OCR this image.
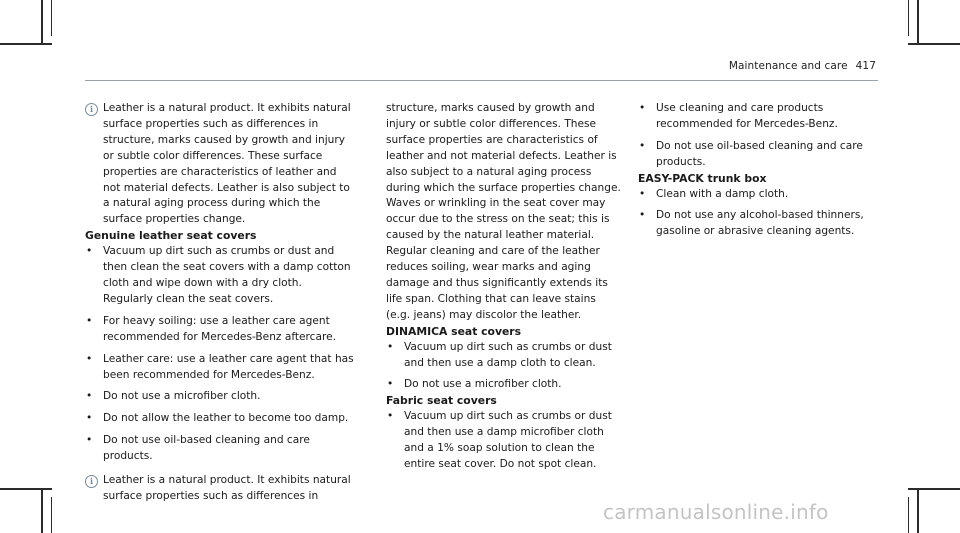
Maintenance and care 417

i Leather is a natural product. It exhibits natural surface properties such as differences in structure, marks caused by growth and injury or subtle color differences. These surface properties are characteristics of leather and not material defects. Leather is also subject to a natural aging process during which the surface properties change.

Genuine leather seat covers

• Vacuum up dirt such as crumbs or dust and then clean the seat covers with a damp cotton cloth and wipe down with a dry cloth. Regularly clean the seat covers.
• For heavy soiling: use a leather care agent recommended for Mercedes-Benz aftercare.
• Leather care: use a leather care agent that has been recommended for Mercedes-Benz.
• Do not use a microfiber cloth.
• Do not allow the leather to become too damp.
• Do not use oil-based cleaning and care products.

i Leather is a natural product. It exhibits natural surface properties such as differences in

structure, marks caused by growth and injury or subtle color differences. These surface properties are characteristics of leather and not material defects. Leather is also subject to a natural aging process during which the surface properties change.

Waves or wrinkling in the seat cover may occur due to the stress on the seat; this is caused by the natural leather material. Regular cleaning and care of the leather reduces soiling, wear marks and aging damage and thus significantly extends its life span. Clothing that can leave stains (e.g. jeans) may discolor the leather.

DINAMICA seat covers

• Vacuum up dirt such as crumbs or dust and then use a damp cloth to clean.
• Do not use a microfiber cloth.

Fabric seat covers

• Vacuum up dirt such as crumbs or dust and then use a damp microfiber cloth and a 1% soap solution to clean the entire seat cover. Do not spot clean.
• Use cleaning and care products recommended for Mercedes-Benz.
• Do not use oil-based cleaning and care products.

EASY-PACK trunk box

• Clean with a damp cloth.
• Do not use any alcohol-based thinners, gasoline or abrasive cleaning agents.
carmanualsonline.info
